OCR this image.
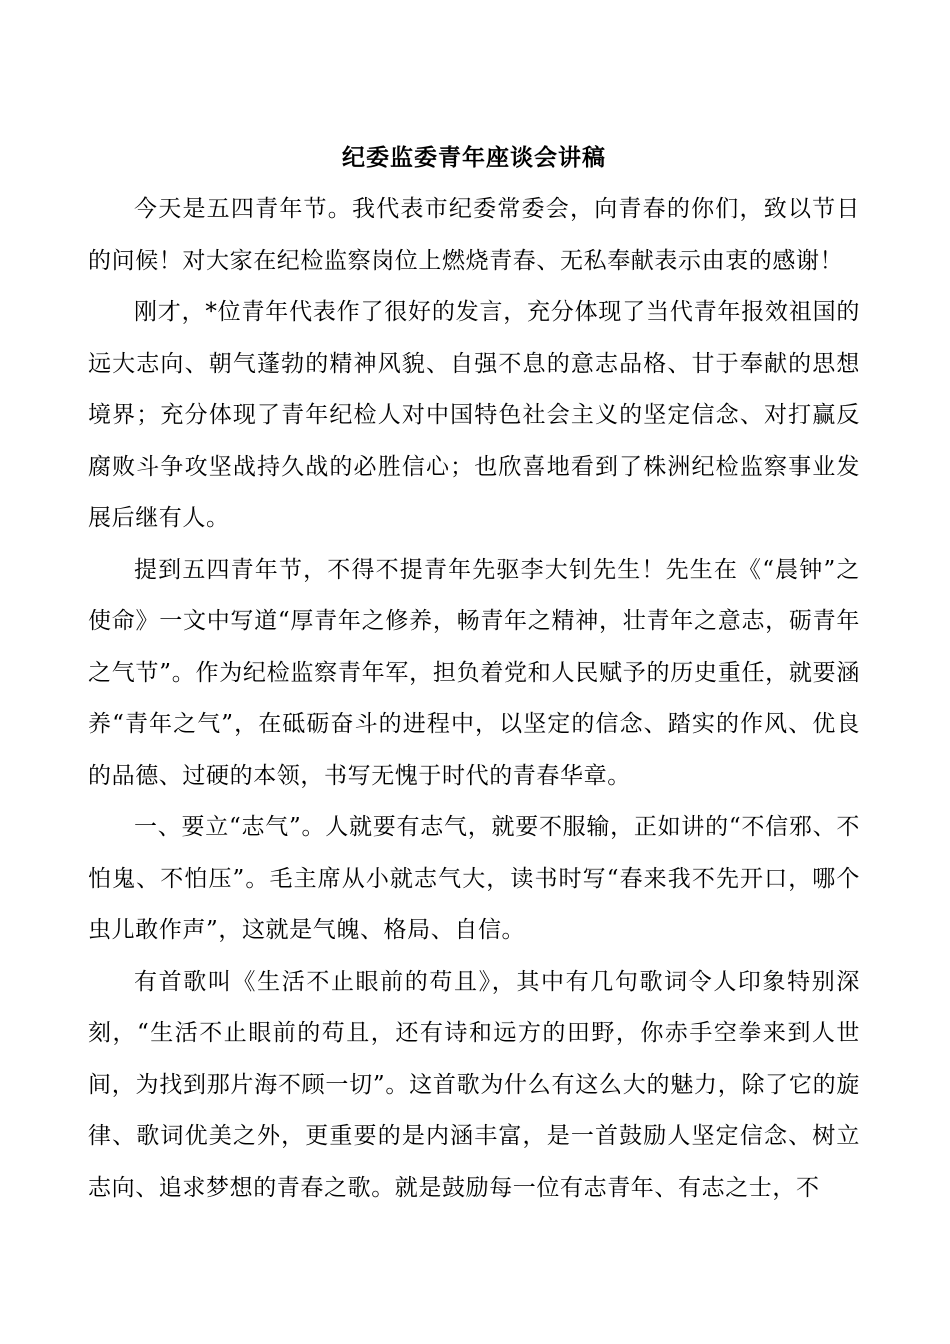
纪委监委青年座谈会讲稿

今天是五四青年节。我代表市纪委常委会，向青春的你们，致以节日的问候！对大家在纪检监察岗位上燃烧青春、无私奉献表示由衷的感谢！

刚才，*位青年代表作了很好的发言，充分体现了当代青年报效祖国的远大志向、朝气蓬勃的精神风貌、自强不息的意志品格、甘于奉献的思想境界；充分体现了青年纪检人对中国特色社会主义的坚定信念、对打赢反腐败斗争攻坚战持久战的必胜信心；也欣喜地看到了株洲纪检监察事业发展后继有人。

提到五四青年节，不得不提青年先驱李大钊先生！先生在《“晨钟”之使命》一文中写道“厚青年之修养，畅青年之精神，壮青年之意志，砺青年之气节”。作为纪检监察青年军，担负着党和人民赋予的历史重任，就要涵养“青年之气”，在砥砺奋斗的进程中，以坚定的信念、踏实的作风、优良的品德、过硬的本领，书写无愧于时代的青春华章。

一、要立“志气”。人就要有志气，就要不服输，正如讲的“不信邪、不怕鬼、不怕压”。毛主席从小就志气大，读书时写“春来我不先开口，哪个虫儿敢作声”，这就是气魄、格局、自信。

有首歌叫《生活不止眼前的苟且》，其中有几句歌词令人印象特别深刻，“生活不止眼前的苟且，还有诗和远方的田野，你赤手空拳来到人世间，为找到那片海不顾一切”。这首歌为什么有这么大的魅力，除了它的旋律、歌词优美之外，更重要的是内涵丰富，是一首鼓励人坚定信念、树立志向、追求梦想的青春之歌。就是鼓励每一位有志青年、有志之士，不
